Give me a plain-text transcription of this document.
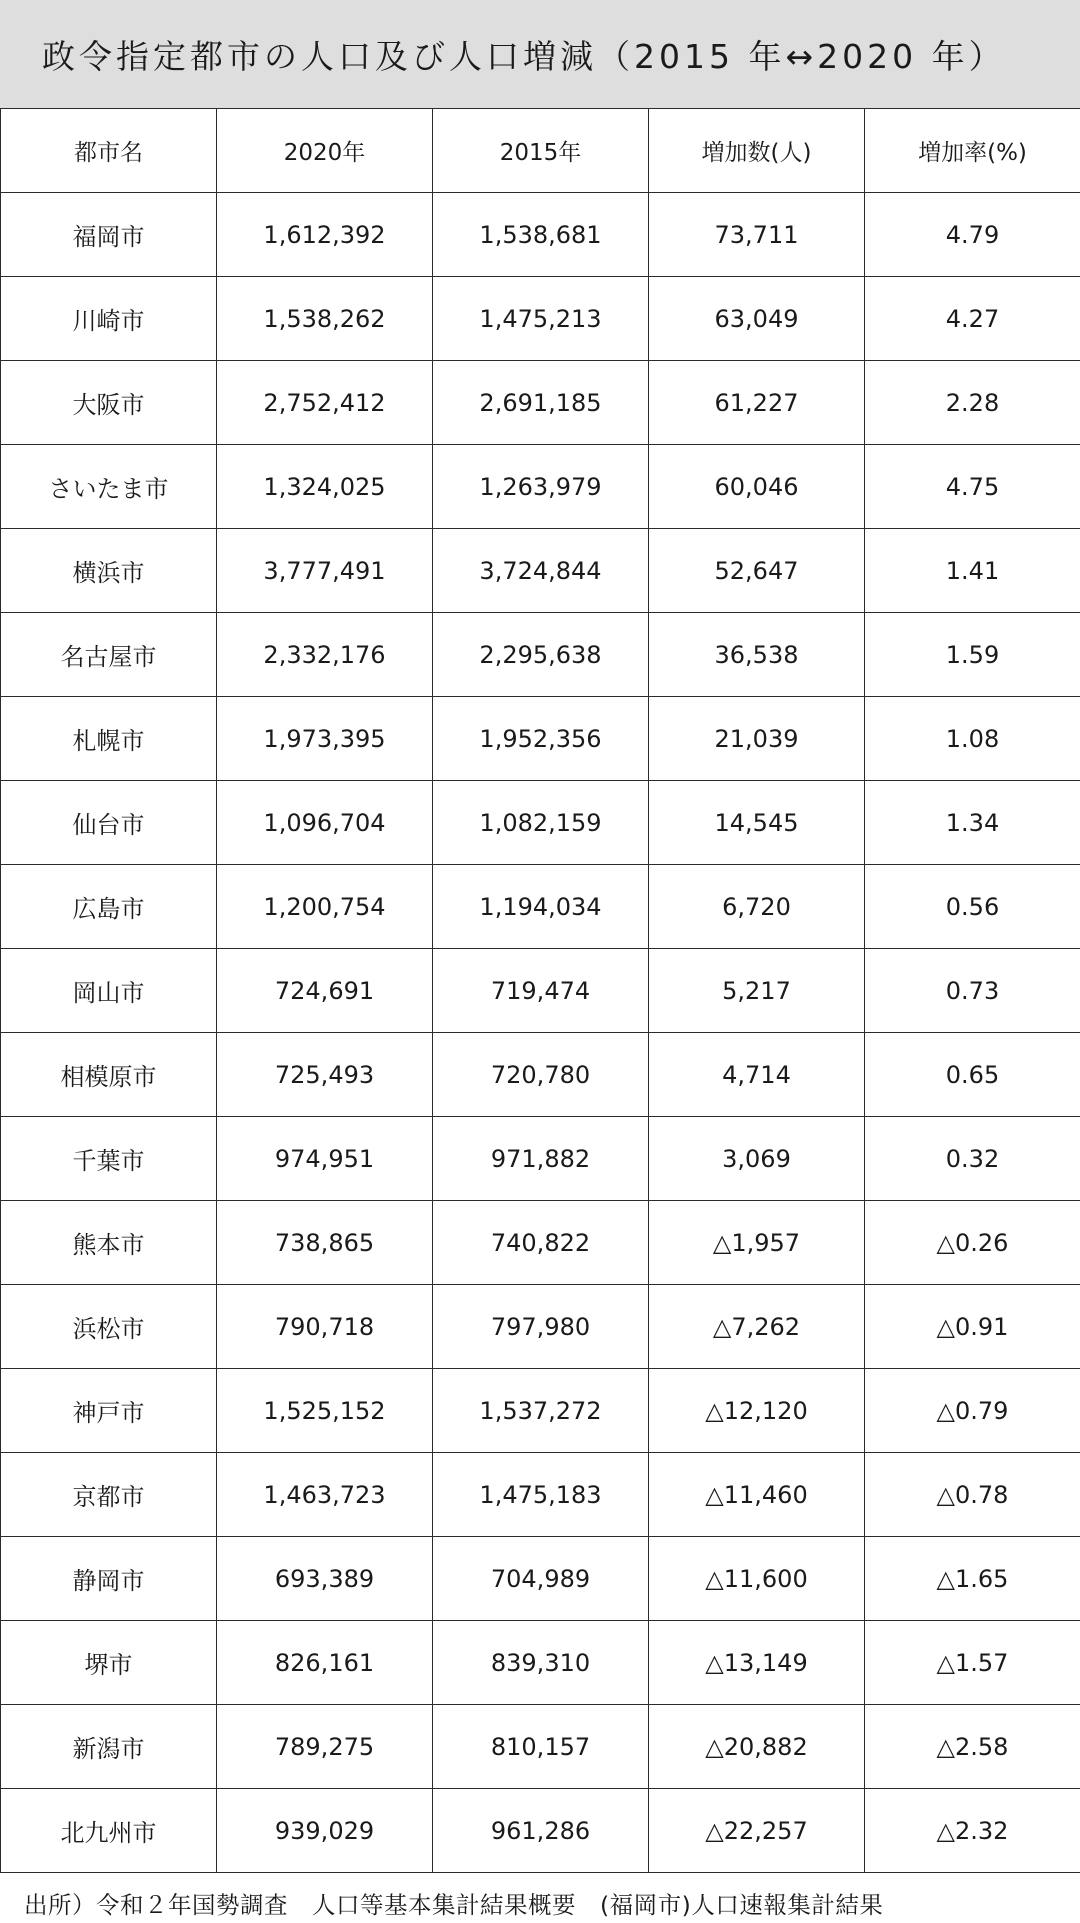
政令指定都市の人口及び人口増減（2015 年↔2020 年）
都市名	2020年	2015年	増加数(人)	増加率(%)
福岡市	1,612,392	1,538,681	73,711	4.79
川崎市	1,538,262	1,475,213	63,049	4.27
大阪市	2,752,412	2,691,185	61,227	2.28
さいたま市	1,324,025	1,263,979	60,046	4.75
横浜市	3,777,491	3,724,844	52,647	1.41
名古屋市	2,332,176	2,295,638	36,538	1.59
札幌市	1,973,395	1,952,356	21,039	1.08
仙台市	1,096,704	1,082,159	14,545	1.34
広島市	1,200,754	1,194,034	6,720	0.56
岡山市	724,691	719,474	5,217	0.73
相模原市	725,493	720,780	4,714	0.65
千葉市	974,951	971,882	3,069	0.32
熊本市	738,865	740,822	△1,957	△0.26
浜松市	790,718	797,980	△7,262	△0.91
神戸市	1,525,152	1,537,272	△12,120	△0.79
京都市	1,463,723	1,475,183	△11,460	△0.78
静岡市	693,389	704,989	△11,600	△1.65
堺市	826,161	839,310	△13,149	△1.57
新潟市	789,275	810,157	△20,882	△2.58
北九州市	939,029	961,286	△22,257	△2.32
出所）令和２年国勢調査　人口等基本集計結果概要　(福岡市)人口速報集計結果
